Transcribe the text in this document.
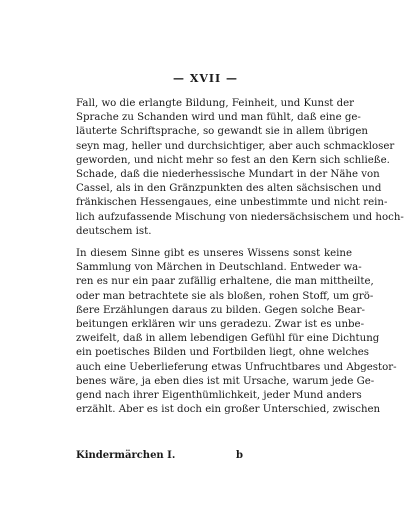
— XVII —
Fall, wo die erlangte Bildung, Feinheit, und Kunst der
Sprache zu Schanden wird und man fühlt, daß eine ge-
läuterte Schriftsprache, so gewandt sie in allem übrigen
seyn mag, heller und durchsichtiger, aber auch schmackloser
geworden, und nicht mehr so fest an den Kern sich schließe.
Schade, daß die niederhessische Mundart in der Nähe von
Cassel, als in den Gränzpunkten des alten sächsischen und
fränkischen Hessengaues, eine unbestimmte und nicht rein-
lich aufzufassende Mischung von niedersächsischem und hoch-
deutschem ist.
In diesem Sinne gibt es unseres Wissens sonst keine
Sammlung von Märchen in Deutschland. Entweder wa-
ren es nur ein paar zufällig erhaltene, die man mittheilte,
oder man betrachtete sie als bloßen, rohen Stoff, um grö-
ßere Erzählungen daraus zu bilden. Gegen solche Bear-
beitungen erklären wir uns geradezu. Zwar ist es unbe-
zweifelt, daß in allem lebendigen Gefühl für eine Dichtung
ein poetisches Bilden und Fortbilden liegt, ohne welches
auch eine Ueberlieferung etwas Unfruchtbares und Abgestor-
benes wäre, ja eben dies ist mit Ursache, warum jede Ge-
gend nach ihrer Eigenthümlichkeit, jeder Mund anders
erzählt. Aber es ist doch ein großer Unterschied, zwischen
Kindermärchen I.	b
